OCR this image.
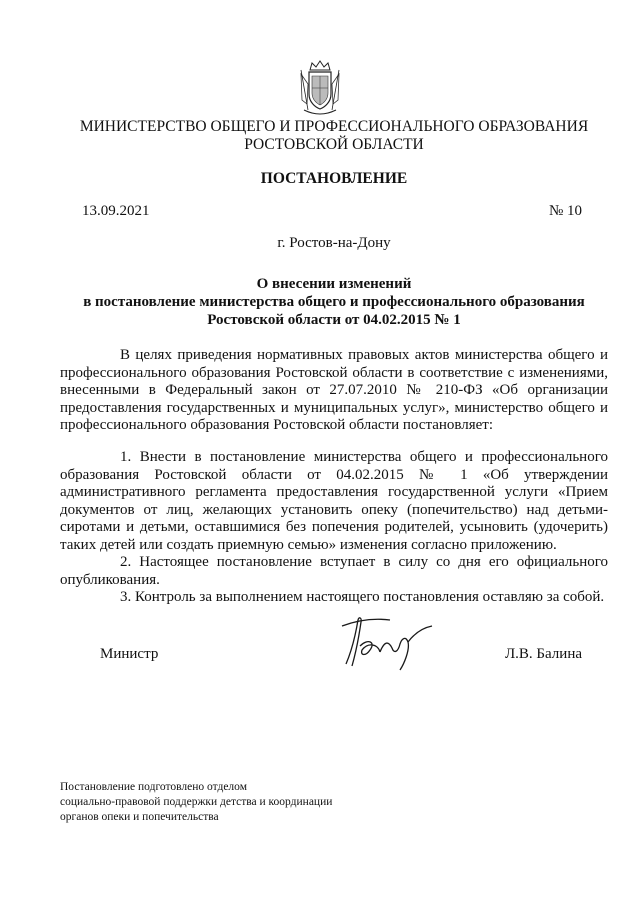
МИНИСТЕРСТВО ОБЩЕГО И ПРОФЕССИОНАЛЬНОГО ОБРАЗОВАНИЯ
РОСТОВСКОЙ ОБЛАСТИ
ПОСТАНОВЛЕНИЕ
13.09.2021	№ 10
г. Ростов-на-Дону
О внесении изменений
в постановление министерства общего и профессионального образования
Ростовской области от 04.02.2015 № 1

В целях приведения нормативных правовых актов министерства общего и профессионального образования Ростовской области в соответствие с изменениями, внесенными в Федеральный закон от 27.07.2010 № 210-ФЗ «Об организации предоставления государственных и муниципальных услуг», министерство общего и профессионального образования Ростовской области постановляет:

1. Внести в постановление министерства общего и профессионального образования Ростовской области от 04.02.2015 № 1 «Об утверждении административного регламента предоставления государственной услуги «Прием документов от лиц, желающих установить опеку (попечительство) над детьми-сиротами и детьми, оставшимися без попечения родителей, усыновить (удочерить) таких детей или создать приемную семью» изменения согласно приложению.

2. Настоящее постановление вступает в силу со дня его официального опубликования.

3. Контроль за выполнением настоящего постановления оставляю за собой.

Министр	Л.В. Балина
Постановление подготовлено отделом
социально-правовой поддержки детства и координации
органов опеки и попечительства
